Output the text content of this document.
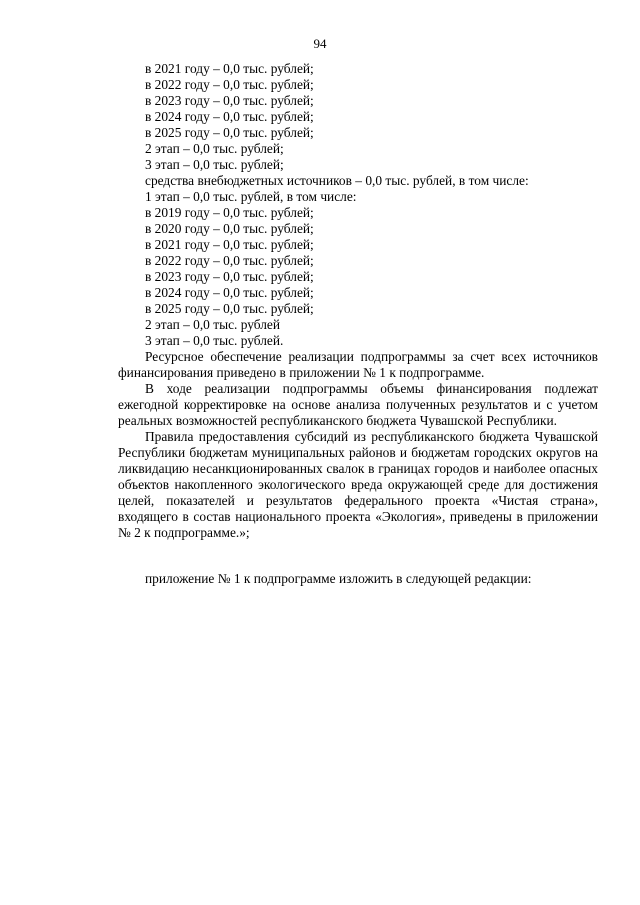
94
в 2021 году – 0,0 тыс. рублей;
в 2022 году – 0,0 тыс. рублей;
в 2023 году – 0,0 тыс. рублей;
в 2024 году – 0,0 тыс. рублей;
в 2025 году – 0,0 тыс. рублей;
2 этап – 0,0 тыс. рублей;
3 этап – 0,0 тыс. рублей;
средства внебюджетных источников – 0,0 тыс. рублей, в том числе:
1 этап – 0,0 тыс. рублей, в том числе:
в 2019 году – 0,0 тыс. рублей;
в 2020 году – 0,0 тыс. рублей;
в 2021 году – 0,0 тыс. рублей;
в 2022 году – 0,0 тыс. рублей;
в 2023 году – 0,0 тыс. рублей;
в 2024 году – 0,0 тыс. рублей;
в 2025 году – 0,0 тыс. рублей;
2 этап – 0,0 тыс. рублей
3 этап – 0,0 тыс. рублей.

Ресурсное обеспечение реализации подпрограммы за счет всех источников финансирования приведено в приложении № 1 к подпрограмме.

В ходе реализации подпрограммы объемы финансирования подлежат ежегодной корректировке на основе анализа полученных результатов и с учетом реальных возможностей республиканского бюджета Чувашской Республики.

Правила предоставления субсидий из республиканского бюджета Чувашской Республики бюджетам муниципальных районов и бюджетам городских округов на ликвидацию несанкционированных свалок в границах городов и наиболее опасных объектов накопленного экологического вреда окружающей среде для достижения целей, показателей и результатов федерального проекта «Чистая страна», входящего в состав национального проекта «Экология», приведены в приложении № 2 к подпрограмме.»;

приложение № 1 к подпрограмме изложить в следующей редакции:
